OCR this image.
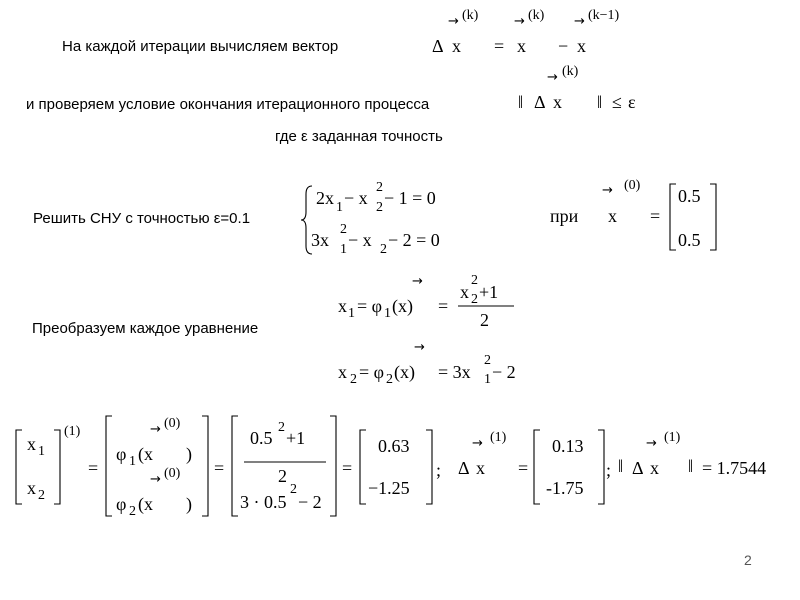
На каждой итерации вычисляем вектор	Δ x
→ (k)
= x
→ (k)
− x
→ (k−1)
и проверяем условие окончания итерационного процесса	‖ Δ x
→ (k)
‖ ≤ ε
где ε заданная точность
Решить СНУ с точностью ε=0.1
2x 1 − x 2
2
− 1 = 0
3x 1
2
− x 2 − 2 = 0
при x
→ (0)
=
0.5
0.5
Преобразуем каждое уравнение
x 1 = φ 1 (x)
→
=
x 2
2
+1
2
x 2 = φ 2 (x)
→
= 3x 1
2
− 2
x 1
x 2
(1)
=
→ (0)
φ 1 (x )
→ (0)
φ 2 (x )
=
0.5
2
+1
2
3 · 0.5
2
− 2
=
0.63
−1.25
; Δ x
→ (1)
=
0.13
-1.75
; ‖ Δ x
→ (1)
‖ = 1.7544
2
